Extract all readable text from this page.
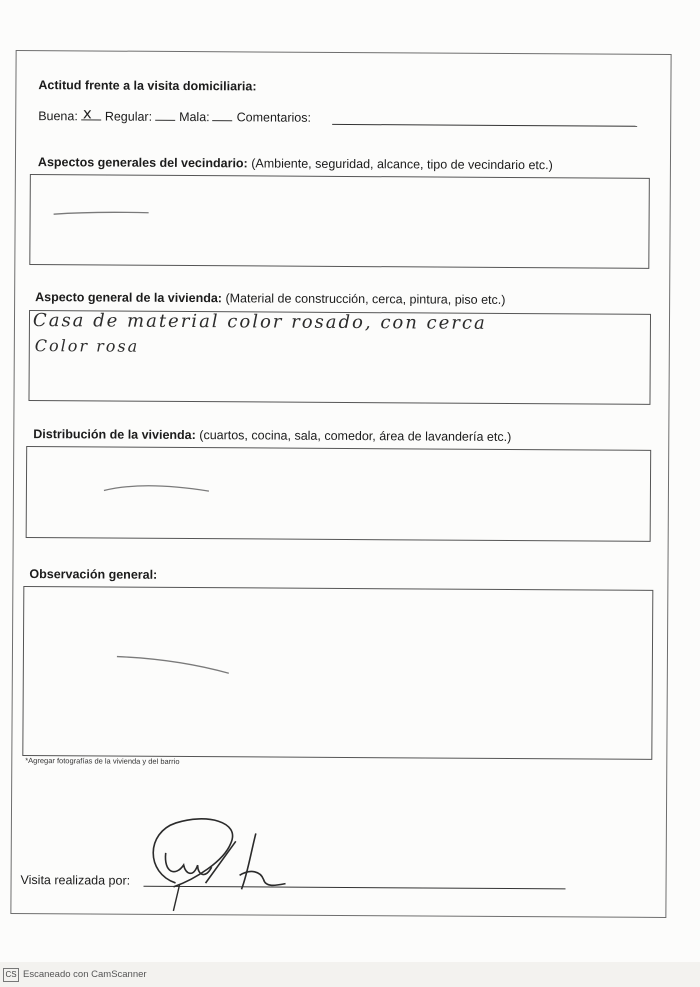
Actitud frente a la visita domiciliaria:
Buena: x Regular: Mala: Comentarios:
Aspectos generales del vecindario: (Ambiente, seguridad, alcance, tipo de vecindario etc.)
Aspecto general de la vivienda: (Material de construcción, cerca, pintura, piso etc.)
Casa de material color rosado, con cerca
Color rosa
Distribución de la vivienda: (cuartos, cocina, sala, comedor, área de lavandería etc.)
Observación general:
*Agregar fotografías de la vivienda y del barrio
Visita realizada por:
CS Escaneado con CamScanner
